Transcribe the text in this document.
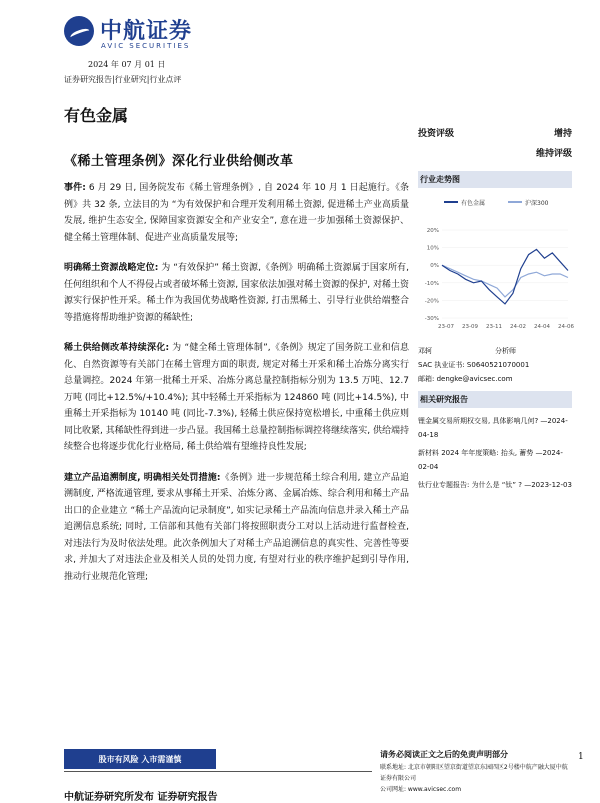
中航证券
AVIC SECURITIES
2024 年 07 月 01 日
证券研究报告|行业研究|行业点评
有色金属
《稀土管理条例》深化行业供给侧改革

事件: 6 月 29 日, 国务院发布《稀土管理条例》, 自 2024 年 10 月 1 日起施行。《条例》共 32 条, 立法目的为 “为有效保护和合理开发利用稀土资源, 促进稀土产业高质量发展, 维护生态安全, 保障国家资源安全和产业安全”, 意在进一步加强稀土资源保护、健全稀土管理体制、促进产业高质量发展等;

明确稀土资源战略定位: 为 “有效保护” 稀土资源,《条例》明确稀土资源属于国家所有, 任何组织和个人不得侵占或者破坏稀土资源, 国家依法加强对稀土资源的保护, 对稀土资源实行保护性开采。稀土作为我国优势战略性资源, 打击黑稀土、引导行业供给端整合等措施将帮助维护资源的稀缺性;

稀土供给侧改革持续深化: 为 “健全稀土管理体制”,《条例》规定了国务院工业和信息化、自然资源等有关部门在稀土管理方面的职责, 规定对稀土开采和稀土冶炼分离实行总量调控。2024 年第一批稀土开采、冶炼分离总量控制指标分别为 13.5 万吨、12.7 万吨 (同比+12.5%/+10.4%); 其中轻稀土开采指标为 124860 吨 (同比+14.5%), 中重稀土开采指标为 10140 吨 (同比-7.3%), 轻稀土供应保持宽松增长, 中重稀土供应则同比收紧, 其稀缺性得到进一步凸显。我国稀土总量控制指标调控将继续落实, 供给端持续整合也将逐步优化行业格局, 稀土供给端有望维持良性发展;

建立产品追溯制度, 明确相关处罚措施:《条例》进一步规范稀土综合利用, 建立产品追溯制度, 严格流通管理, 要求从事稀土开采、冶炼分离、金属冶炼、综合利用和稀土产品出口的企业建立 “稀土产品流向记录制度”, 如实记录稀土产品流向信息并录入稀土产品追溯信息系统; 同时, 工信部和其他有关部门将按照职责分工对以上活动进行监督检查, 对违法行为及时依法处理。此次条例加大了对稀土产品追溯信息的真实性、完善性等要求, 并加大了对违法企业及相关人员的处罚力度, 有望对行业的秩序维护起到引导作用, 推动行业规范化管理;

投资评级	增持
维持评级
行业走势图
有色金属	沪深300
20%
10%
0%
-10%
-20%
-30%
23-07 23-09 23-11 24-02 24-04 24-06
邓轲	分析师
SAC 执业证书: S0640521070001
邮箱: dengke@avicsec.com
相关研究报告
锂金属交易所期权交易, 具体影响几何? —2024-04-18
新材料 2024 年年度策略: 抬头, 蓄势 —2024-02-04
钛行业专题报告: 为什么是 “钛” ? —2023-12-03
股市有风险 入市需谨慎	请务必阅读正文之后的免责声明部分
联系地址: 北京市朝阳区望京街道望京东园四区2号楼中航产融大厦中航证券有限公司
公司网址: www.avicsec.com
1
中航证券研究所发布 证券研究报告
